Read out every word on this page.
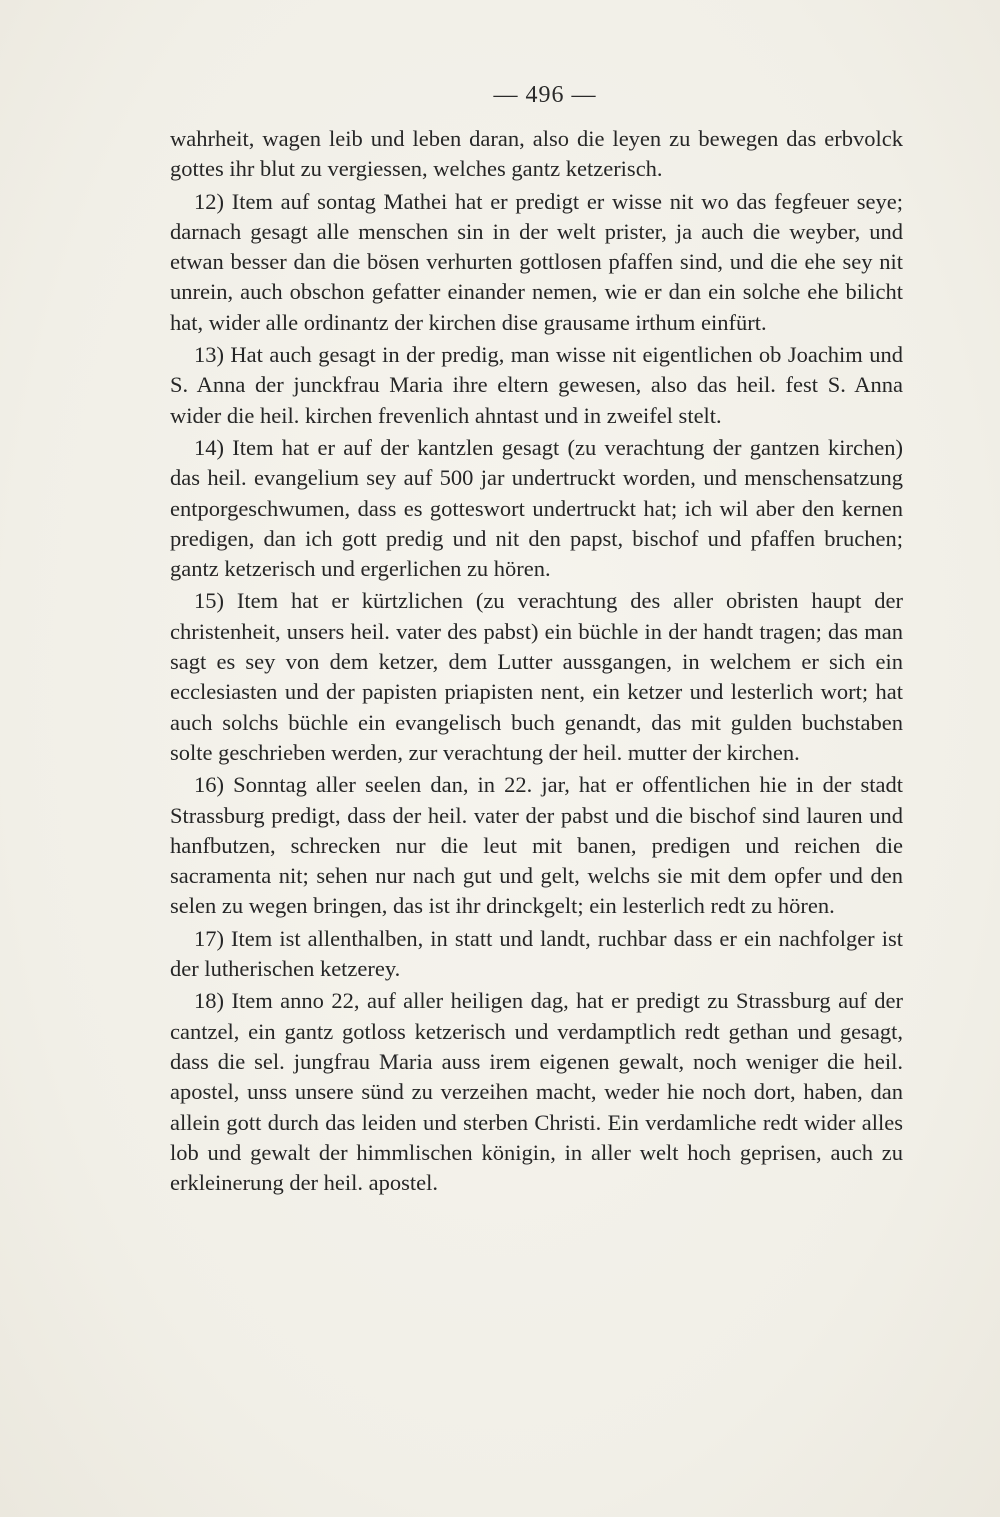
— 496 —

wahrheit, wagen leib und leben daran, also die leyen zu bewegen das erbvolck gottes ihr blut zu vergiessen, welches gantz ketzerisch.

12) Item auf sontag Mathei hat er predigt er wisse nit wo das fegfeuer seye; darnach gesagt alle menschen sin in der welt prister, ja auch die weyber, und etwan besser dan die bösen verhurten gottlosen pfaffen sind, und die ehe sey nit unrein, auch obschon gefatter einander nemen, wie er dan ein solche ehe bilicht hat, wider alle ordinantz der kirchen dise grausame irthum einfürt.

13) Hat auch gesagt in der predig, man wisse nit eigentlichen ob Joachim und S. Anna der junckfrau Maria ihre eltern gewesen, also das heil. fest S. Anna wider die heil. kirchen frevenlich ahntast und in zweifel stelt.

14) Item hat er auf der kantzlen gesagt (zu verachtung der gantzen kirchen) das heil. evangelium sey auf 500 jar undertruckt worden, und menschensatzung entporgeschwumen, dass es gotteswort undertruckt hat; ich wil aber den kernen predigen, dan ich gott predig und nit den papst, bischof und pfaffen bruchen; gantz ketzerisch und ergerlichen zu hören.

15) Item hat er kürtzlichen (zu verachtung des aller obristen haupt der christenheit, unsers heil. vater des pabst) ein büchle in der handt tragen; das man sagt es sey von dem ketzer, dem Lutter aussgangen, in welchem er sich ein ecclesiasten und der papisten priapisten nent, ein ketzer und lesterlich wort; hat auch solchs büchle ein evangelisch buch genandt, das mit gulden buchstaben solte geschrieben werden, zur verachtung der heil. mutter der kirchen.

16) Sonntag aller seelen dan, in 22. jar, hat er offentlichen hie in der stadt Strassburg predigt, dass der heil. vater der pabst und die bischof sind lauren und hanfbutzen, schrecken nur die leut mit banen, predigen und reichen die sacramenta nit; sehen nur nach gut und gelt, welchs sie mit dem opfer und den selen zu wegen bringen, das ist ihr drinckgelt; ein lesterlich redt zu hören.

17) Item ist allenthalben, in statt und landt, ruchbar dass er ein nachfolger ist der lutherischen ketzerey.

18) Item anno 22, auf aller heiligen dag, hat er predigt zu Strassburg auf der cantzel, ein gantz gotloss ketzerisch und verdamptlich redt gethan und gesagt, dass die sel. jungfrau Maria auss irem eigenen gewalt, noch weniger die heil. apostel, unss unsere sünd zu verzeihen macht, weder hie noch dort, haben, dan allein gott durch das leiden und sterben Christi. Ein verdamliche redt wider alles lob und gewalt der himmlischen königin, in aller welt hoch geprisen, auch zu erkleinerung der heil. apostel.
